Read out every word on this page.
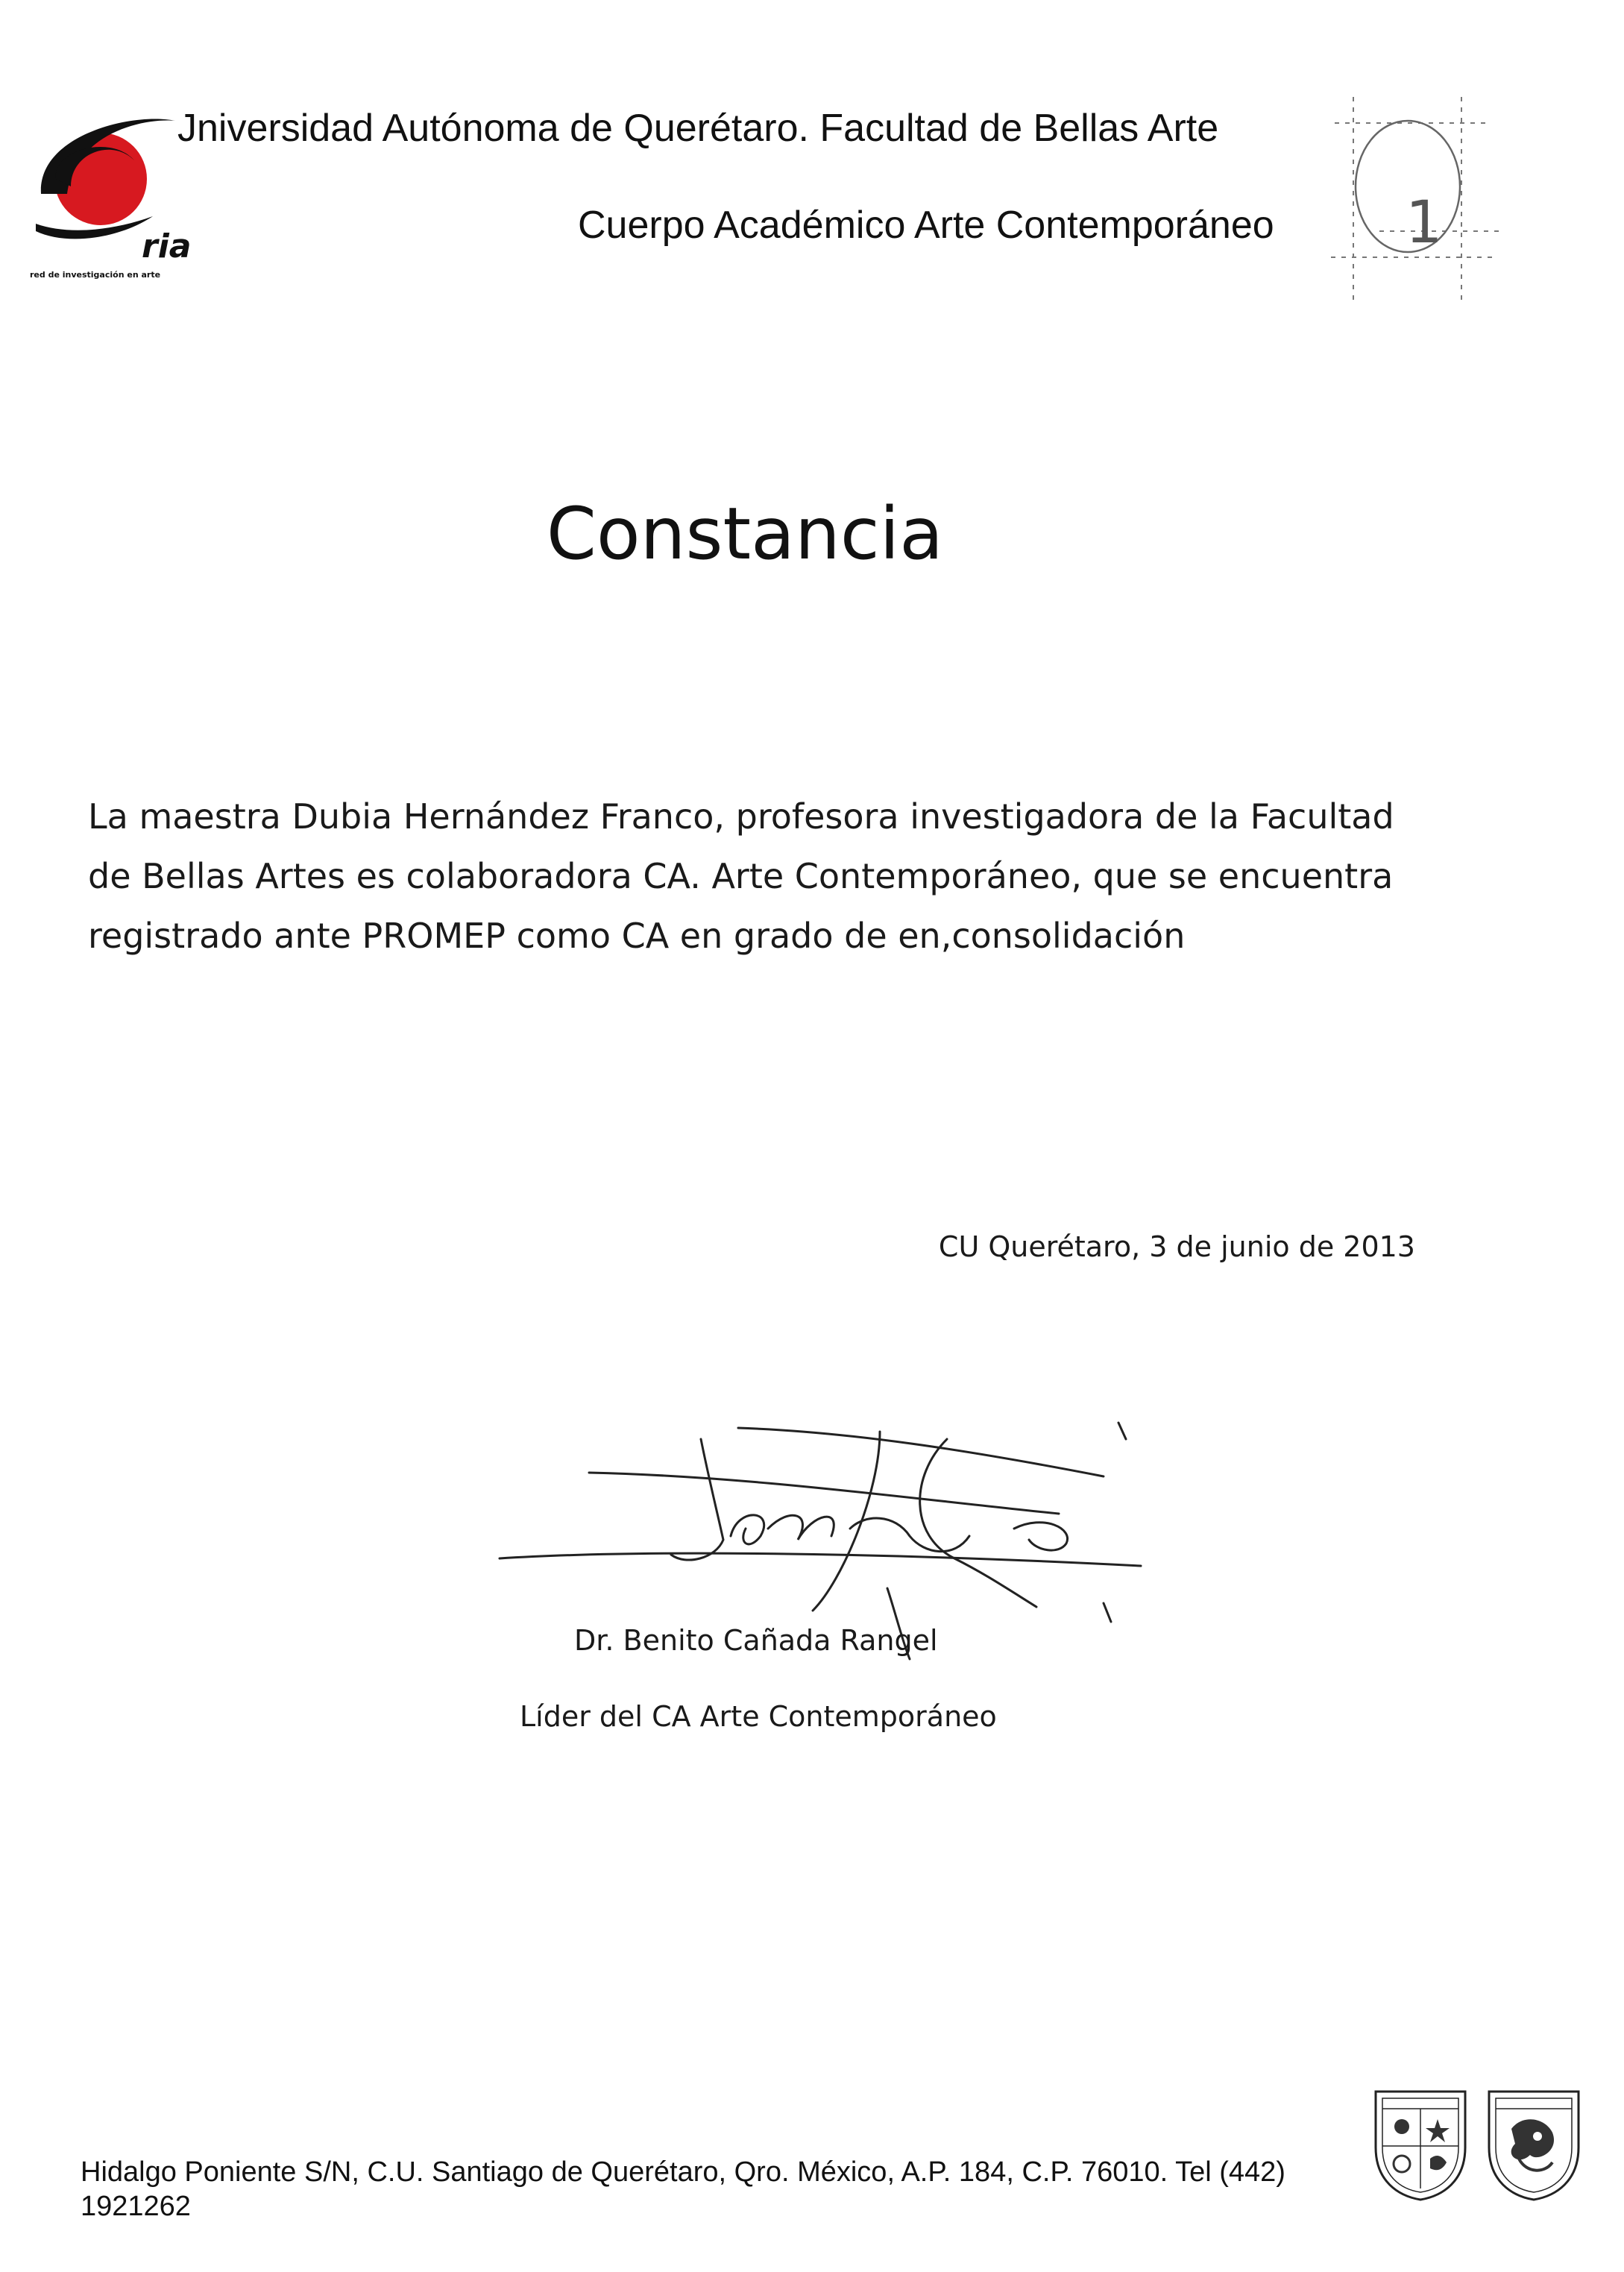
ria
red de investigación en arte
Jniversidad Autónoma de Querétaro. Facultad de Bellas Arte
Cuerpo Académico Arte Contemporáneo 1
Constancia
La maestra Dubia Hernández Franco, profesora investigadora de la Facultad
de Bellas Artes es colaboradora CA. Arte Contemporáneo, que se encuentra
registrado ante PROMEP como CA en grado de en,consolidación
CU Querétaro, 3 de junio de 2013
Dr. Benito Cañada Rangel
Líder del CA Arte Contemporáneo
Hidalgo Poniente S/N, C.U. Santiago de Querétaro, Qro. México, A.P. 184, C.P. 76010. Tel (442)
1921262
